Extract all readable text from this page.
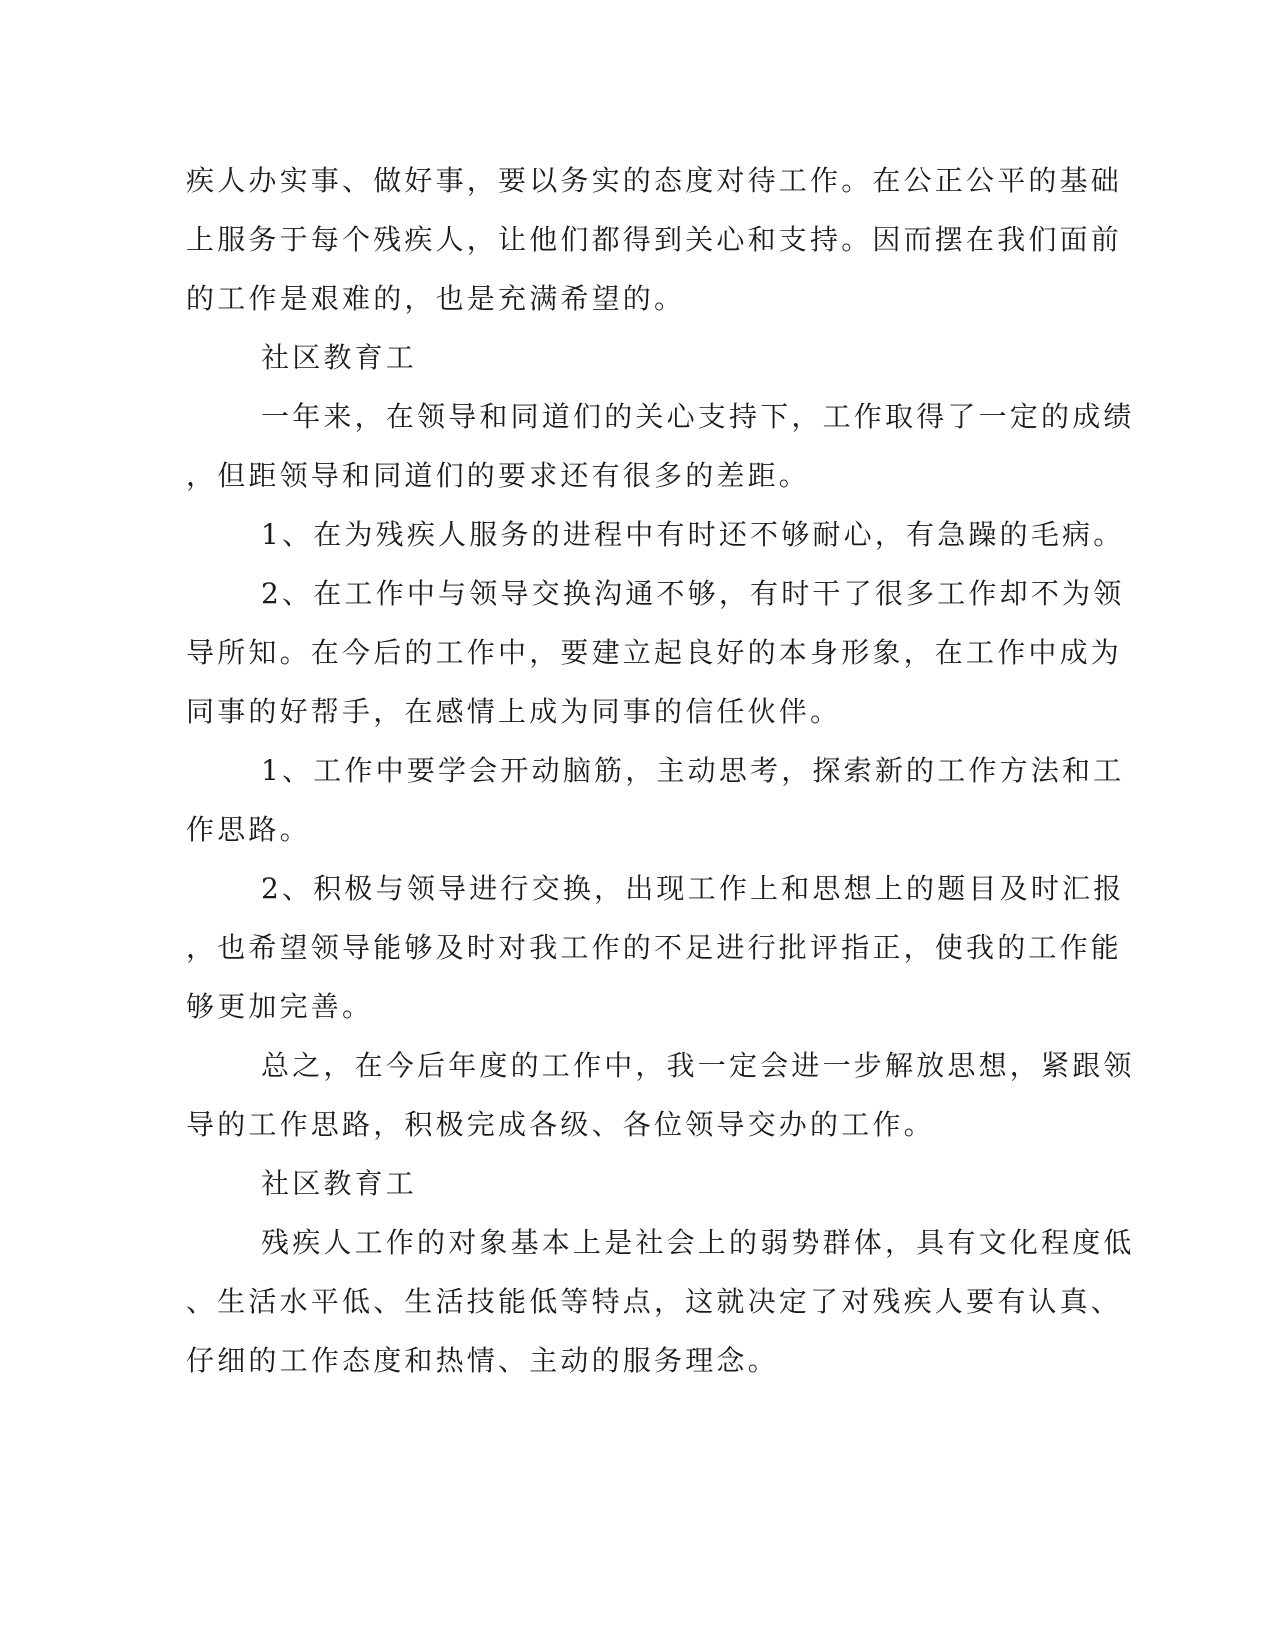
疾人办实事、做好事，要以务实的态度对待工作。在公正公平的基础
上服务于每个残疾人，让他们都得到关心和支持。因而摆在我们面前
的工作是艰难的，也是充满希望的。
社区教育工
一年来，在领导和同道们的关心支持下，工作取得了一定的成绩
，但距领导和同道们的要求还有很多的差距。
1、在为残疾人服务的进程中有时还不够耐心，有急躁的毛病。
2、在工作中与领导交换沟通不够，有时干了很多工作却不为领
导所知。在今后的工作中，要建立起良好的本身形象，在工作中成为
同事的好帮手，在感情上成为同事的信任伙伴。
1、工作中要学会开动脑筋，主动思考，探索新的工作方法和工
作思路。
2、积极与领导进行交换，出现工作上和思想上的题目及时汇报
，也希望领导能够及时对我工作的不足进行批评指正，使我的工作能
够更加完善。
总之，在今后年度的工作中，我一定会进一步解放思想，紧跟领
导的工作思路，积极完成各级、各位领导交办的工作。
社区教育工
残疾人工作的对象基本上是社会上的弱势群体，具有文化程度低
、生活水平低、生活技能低等特点，这就决定了对残疾人要有认真、
仔细的工作态度和热情、主动的服务理念。
